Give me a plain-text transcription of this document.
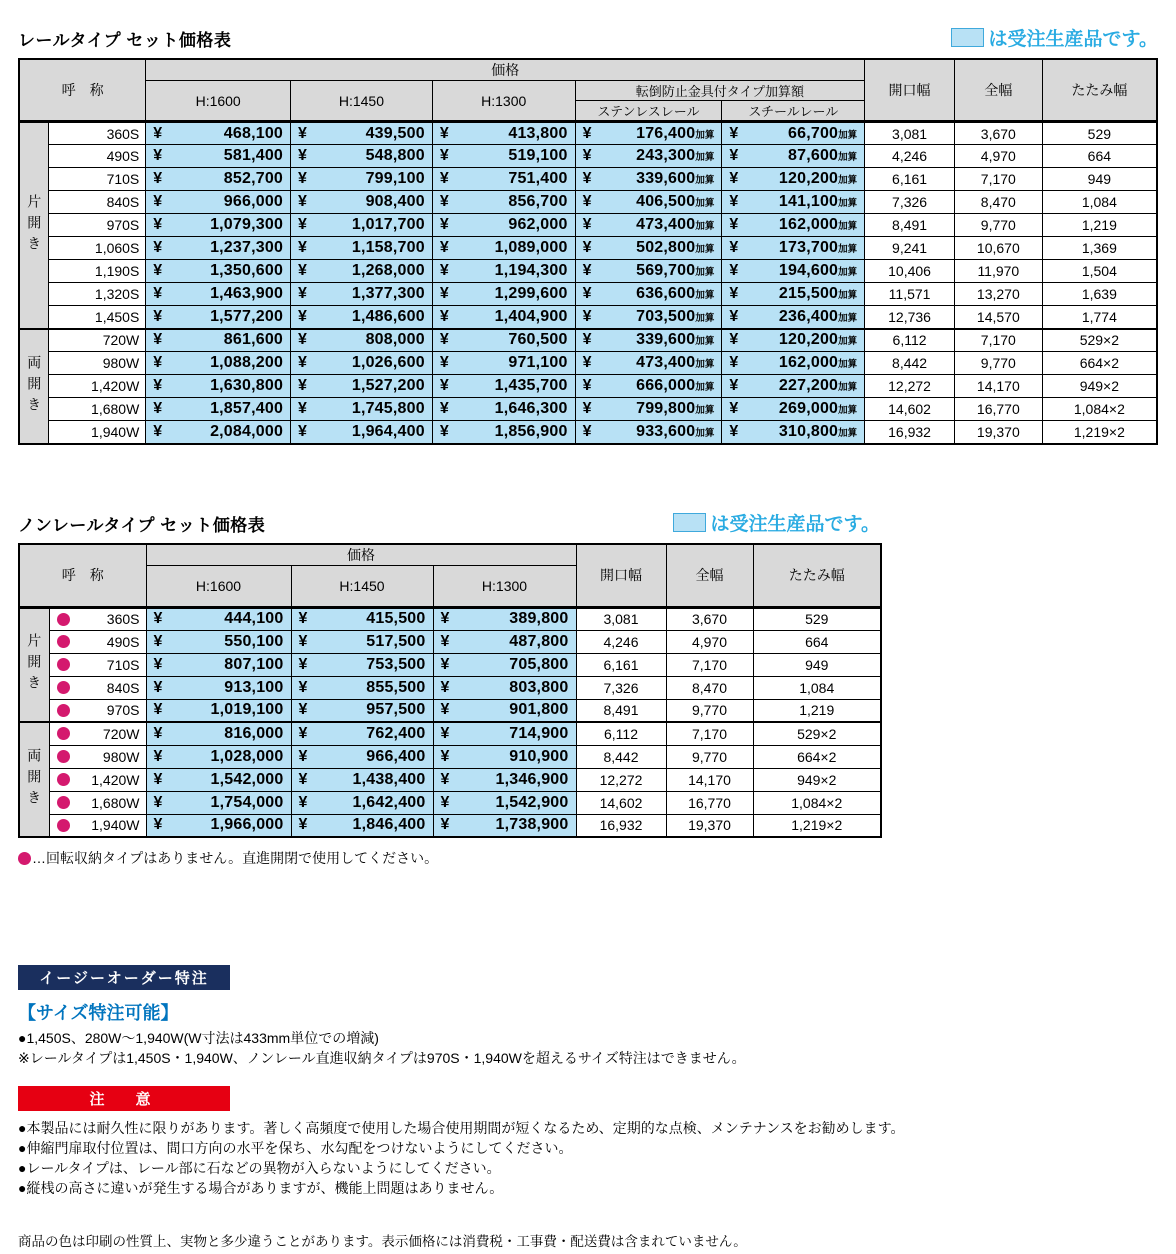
レールタイプ セット価格表	は受注生産品です。
呼　称		価格					開口幅	全幅	たたみ幅
		H:1600	H:1450	H:1300	転倒防止金具付タイプ加算額				
					ステンレスレール	スチールレール			
片開き	360S	¥ 468,100	¥ 439,500	¥ 413,800	¥ 176,400加算	¥ 66,700加算	3,081	3,670	529

	490S	¥ 581,400	¥ 548,800	¥ 519,100	¥ 243,300加算	¥ 87,600加算	4,246	4,970	664

	710S	¥ 852,700	¥ 799,100	¥ 751,400	¥ 339,600加算	¥ 120,200加算	6,161	7,170	949

	840S	¥ 966,000	¥ 908,400	¥ 856,700	¥ 406,500加算	¥ 141,100加算	7,326	8,470	1,084

	970S	¥ 1,079,300	¥ 1,017,700	¥ 962,000	¥ 473,400加算	¥ 162,000加算	8,491	9,770	1,219

	1,060S	¥ 1,237,300	¥ 1,158,700	¥ 1,089,000	¥ 502,800加算	¥ 173,700加算	9,241	10,670	1,369

	1,190S	¥ 1,350,600	¥ 1,268,000	¥ 1,194,300	¥ 569,700加算	¥ 194,600加算	10,406	11,970	1,504

	1,320S	¥ 1,463,900	¥ 1,377,300	¥ 1,299,600	¥ 636,600加算	¥ 215,500加算	11,571	13,270	1,639

	1,450S	¥ 1,577,200	¥ 1,486,600	¥ 1,404,900	¥ 703,500加算	¥ 236,400加算	12,736	14,570	1,774
両開き	720W	¥ 861,600	¥ 808,000	¥ 760,500	¥ 339,600加算	¥ 120,200加算	6,112	7,170	529×2

	980W	¥ 1,088,200	¥ 1,026,600	¥ 971,100	¥ 473,400加算	¥ 162,000加算	8,442	9,770	664×2

	1,420W	¥ 1,630,800	¥ 1,527,200	¥ 1,435,700	¥ 666,000加算	¥ 227,200加算	12,272	14,170	949×2

	1,680W	¥ 1,857,400	¥ 1,745,800	¥ 1,646,300	¥ 799,800加算	¥ 269,000加算	14,602	16,770	1,084×2

	1,940W	¥ 2,084,000	¥ 1,964,400	¥ 1,856,900	¥ 933,600加算	¥ 310,800加算	16,932	19,370	1,219×2
ノンレールタイプ セット価格表	は受注生産品です。
呼　称		価格			開口幅	全幅	たたみ幅
		H:1600	H:1450	H:1300			
片開き	360S	¥ 444,100	¥ 415,500	¥ 389,800	3,081	3,670	529

	490S	¥ 550,100	¥ 517,500	¥ 487,800	4,246	4,970	664

	710S	¥ 807,100	¥ 753,500	¥ 705,800	6,161	7,170	949

	840S	¥ 913,100	¥ 855,500	¥ 803,800	7,326	8,470	1,084

	970S	¥ 1,019,100	¥ 957,500	¥ 901,800	8,491	9,770	1,219
両開き	720W	¥ 816,000	¥ 762,400	¥ 714,900	6,112	7,170	529×2

	980W	¥ 1,028,000	¥ 966,400	¥ 910,900	8,442	9,770	664×2

	1,420W	¥ 1,542,000	¥ 1,438,400	¥ 1,346,900	12,272	14,170	949×2

	1,680W	¥ 1,754,000	¥ 1,642,400	¥ 1,542,900	14,602	16,770	1,084×2

	1,940W	¥ 1,966,000	¥ 1,846,400	¥ 1,738,900	16,932	19,370	1,219×2

…回転収納タイプはありません。直進開閉で使用してください。

イージーオーダー特注
【サイズ特注可能】

●1,450S、280W〜1,940W(W寸法は433mm単位での増減)

※レールタイプは1,450S・1,940W、ノンレール直進収納タイプは970S・1,940Wを超えるサイズ特注はできません。

注　意

●本製品には耐久性に限りがあります。著しく高頻度で使用した場合使用期間が短くなるため、定期的な点検、メンテナンスをお勧めします。

●伸縮門扉取付位置は、間口方向の水平を保ち、水勾配をつけないようにしてください。

●レールタイプは、レール部に石などの異物が入らないようにしてください。

●縦桟の高さに違いが発生する場合がありますが、機能上問題はありません。

商品の色は印刷の性質上、実物と多少違うことがあります。表示価格には消費税・工事費・配送費は含まれていません。
